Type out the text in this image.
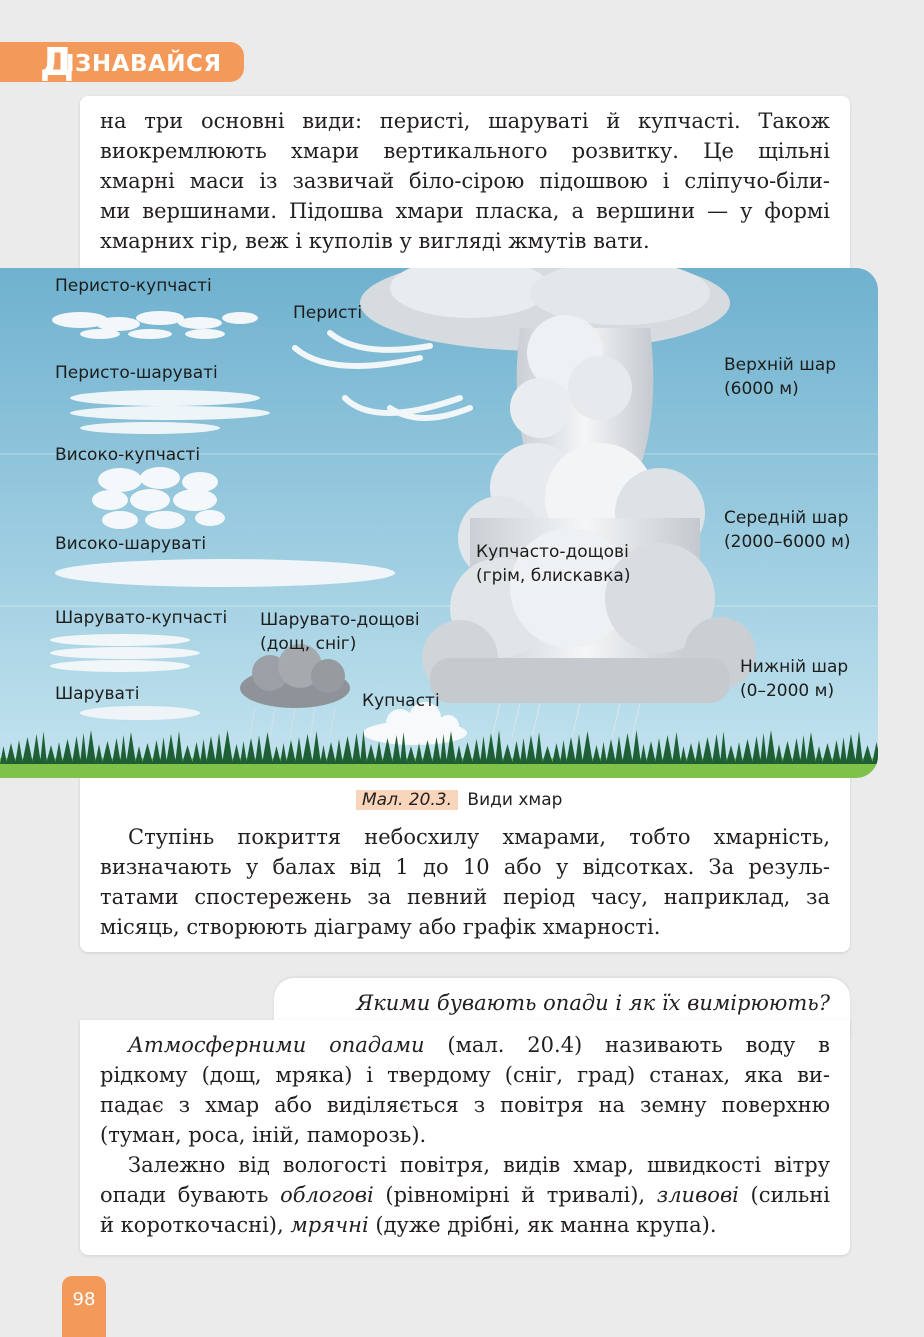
Д
ІЗНАВАЙСЯ

на три основні види: перисті, шаруваті й купчасті. Також

виокремлюють хмари вертикального розвитку. Це щільні

хмарні маси із зазвичай біло-сірою підошвою і сліпучо-біли-

ми вершинами. Підошва хмари пласка, а вершини — у формі

хмарних гір, веж і куполів у вигляді жмутів вати.

Перисто-купчасті
Перисті
Перисто-шаруваті
Високо-купчасті
Високо-шаруваті
Шарувато-купчасті Шарувато-дощові
(дощ, сніг)
Шаруваті	Купчасті
Купчасто-дощові
(грім, блискавка)
Верхній шар
(6000 м)
Середній шар
(2000–6000 м)
Нижній шар
(0–2000 м)
Мал. 20.3. Види хмар

Ступінь покриття небосхилу хмарами, тобто хмарність,

визначають у балах від 1 до 10 або у відсотках. За резуль-

татами спостережень за певний період часу, наприклад, за

місяць, створюють діаграму або графік хмарності.

Якими бувають опади і як їх вимірюють?

Атмосферними опадами (мал. 20.4) називають воду в

рідкому (дощ, мряка) і твердому (сніг, град) станах, яка ви-

падає з хмар або виділяється з повітря на земну поверхню

(туман, роса, іній, паморозь).

Залежно від вологості повітря, видів хмар, швидкості вітру

опади бувають облогові (рівномірні й тривалі), зливові (сильні

й короткочасні), мрячні (дуже дрібні, як манна крупа).

98
